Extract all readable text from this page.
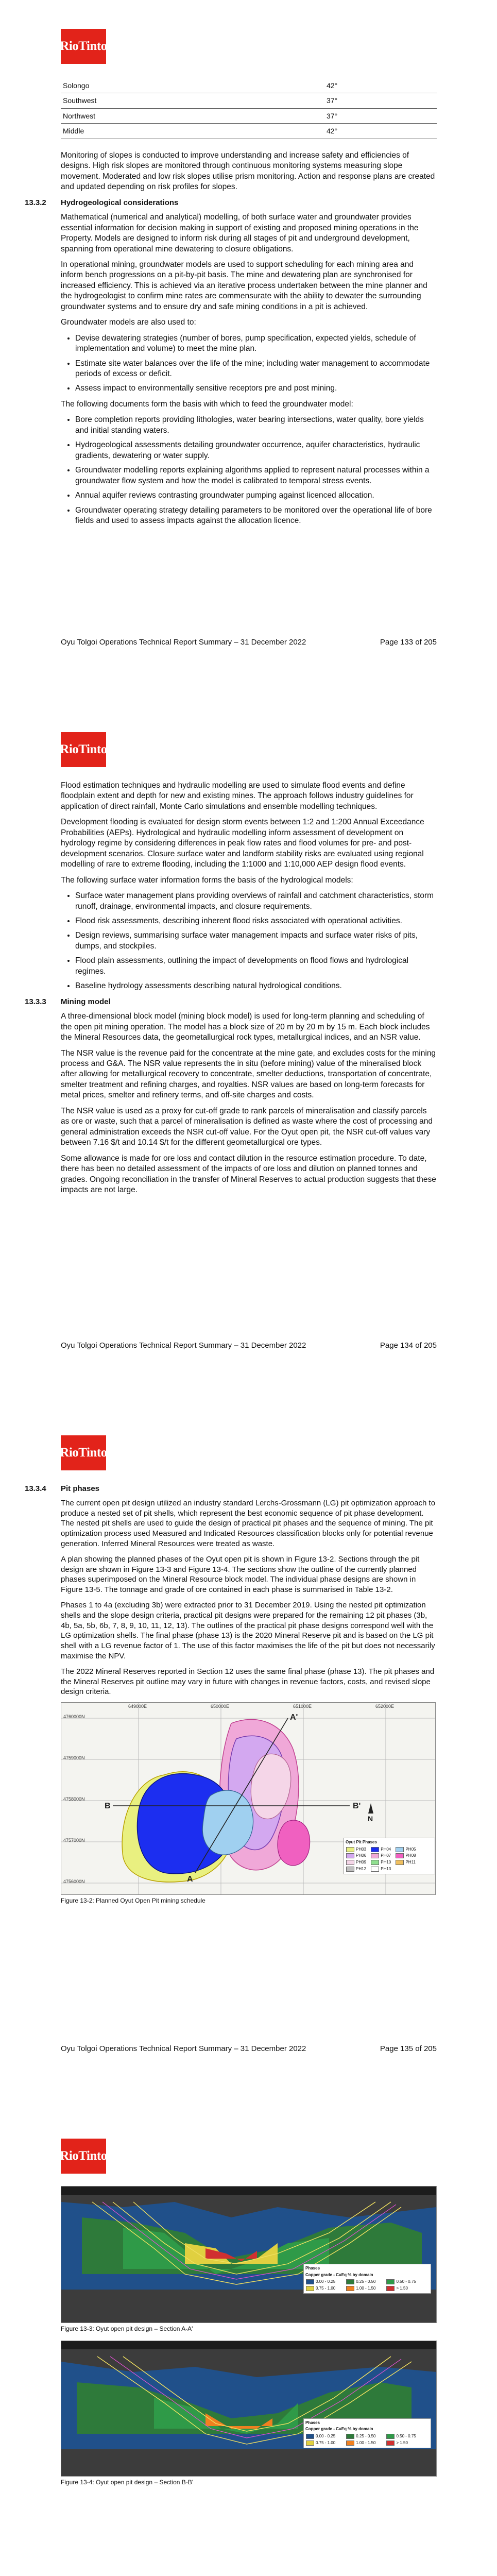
RioTinto
Solongo	42°
Southwest	37°
Northwest	37°
Middle	42°

Monitoring of slopes is conducted to improve understanding and increase safety and efficiencies of designs. High risk slopes are monitored through continuous monitoring systems measuring slope movement. Moderated and low risk slopes utilise prism monitoring. Action and response plans are created and updated depending on risk profiles for slopes.

13.3.2 Hydrogeological considerations

Mathematical (numerical and analytical) modelling, of both surface water and groundwater provides essential information for decision making in support of existing and proposed mining operations in the Property. Models are designed to inform risk during all stages of pit and underground development, spanning from operational mine dewatering to closure obligations.

In operational mining, groundwater models are used to support scheduling for each mining area and inform bench progressions on a pit-by-pit basis. The mine and dewatering plan are synchronised for increased efficiency. This is achieved via an iterative process undertaken between the mine planner and the hydrogeologist to confirm mine rates are commensurate with the ability to dewater the surrounding groundwater systems and to ensure dry and safe mining conditions in a pit is achieved.

Groundwater models are also used to:

• Devise dewatering strategies (number of bores, pump specification, expected yields, schedule of implementation and volume) to meet the mine plan.
• Estimate site water balances over the life of the mine; including water management to accommodate periods of excess or deficit.
• Assess impact to environmentally sensitive receptors pre and post mining.

The following documents form the basis with which to feed the groundwater model:

• Bore completion reports providing lithologies, water bearing intersections, water quality, bore yields and initial standing waters.
• Hydrogeological assessments detailing groundwater occurrence, aquifer characteristics, hydraulic gradients, dewatering or water supply.
• Groundwater modelling reports explaining algorithms applied to represent natural processes within a groundwater flow system and how the model is calibrated to temporal stress events.
• Annual aquifer reviews contrasting groundwater pumping against licenced allocation.
• Groundwater operating strategy detailing parameters to be monitored over the operational life of bore fields and used to assess impacts against the allocation licence.
Oyu Tolgoi Operations Technical Report Summary – 31 December 2022	Page 133 of 205
RioTinto

Flood estimation techniques and hydraulic modelling are used to simulate flood events and define floodplain extent and depth for new and existing mines. The approach follows industry guidelines for application of direct rainfall, Monte Carlo simulations and ensemble modelling techniques.

Development flooding is evaluated for design storm events between 1:2 and 1:200 Annual Exceedance Probabilities (AEPs). Hydrological and hydraulic modelling inform assessment of development on hydrology regime by considering differences in peak flow rates and flood volumes for pre- and post-development scenarios. Closure surface water and landform stability risks are evaluated using regional modelling of rare to extreme flooding, including the 1:1000 and 1:10,000 AEP design flood events.

The following surface water information forms the basis of the hydrological models:

• Surface water management plans providing overviews of rainfall and catchment characteristics, storm runoff, drainage, environmental impacts, and closure requirements.
• Flood risk assessments, describing inherent flood risks associated with operational activities.
• Design reviews, summarising surface water management impacts and surface water risks of pits, dumps, and stockpiles.
• Flood plain assessments, outlining the impact of developments on flood flows and hydrological regimes.
• Baseline hydrology assessments describing natural hydrological conditions.
13.3.3 Mining model

A three-dimensional block model (mining block model) is used for long-term planning and scheduling of the open pit mining operation. The model has a block size of 20 m by 20 m by 15 m. Each block includes the Mineral Resources data, the geometallurgical rock types, metallurgical indices, and an NSR value.

The NSR value is the revenue paid for the concentrate at the mine gate, and excludes costs for the mining process and G&A. The NSR value represents the in situ (before mining) value of the mineralised block after allowing for metallurgical recovery to concentrate, smelter deductions, transportation of concentrate, smelter treatment and refining charges, and royalties. NSR values are based on long-term forecasts for metal prices, smelter and refinery terms, and off-site charges and costs.

The NSR value is used as a proxy for cut-off grade to rank parcels of mineralisation and classify parcels as ore or waste, such that a parcel of mineralisation is defined as waste where the cost of processing and general administration exceeds the NSR cut-off value. For the Oyut open pit, the NSR cut-off values vary between 7.16 $/t and 10.14 $/t for the different geometallurgical ore types.

Some allowance is made for ore loss and contact dilution in the resource estimation procedure. To date, there has been no detailed assessment of the impacts of ore loss and dilution on planned tonnes and grades. Ongoing reconciliation in the transfer of Mineral Reserves to actual production suggests that these impacts are not large.

Oyu Tolgoi Operations Technical Report Summary – 31 December 2022	Page 134 of 205
RioTinto
13.3.4 Pit phases

The current open pit design utilized an industry standard Lerchs-Grossmann (LG) pit optimization approach to produce a nested set of pit shells, which represent the best economic sequence of pit phase development. The nested pit shells are used to guide the design of practical pit phases and the sequence of mining. The pit optimization process used Measured and Indicated Resources classification blocks only for potential revenue generation. Inferred Mineral Resources were treated as waste.

A plan showing the planned phases of the Oyut open pit is shown in Figure 13-2. Sections through the pit design are shown in Figure 13-3 and Figure 13-4. The sections show the outline of the currently planned phases superimposed on the Mineral Resource block model. The individual phase designs are shown in Figure 13-5. The tonnage and grade of ore contained in each phase is summarised in Table 13-2.

Phases 1 to 4a (excluding 3b) were extracted prior to 31 December 2019. Using the nested pit optimization shells and the slope design criteria, practical pit designs were prepared for the remaining 12 pit phases (3b, 4b, 5a, 5b, 6b, 7, 8, 9, 10, 11, 12, 13). The outlines of the practical pit phase designs correspond well with the LG optimization shells. The final phase (phase 13) is the 2020 Mineral Reserve pit and is based on the LG pit shell with a LG revenue factor of 1. The use of this factor maximises the life of the pit but does not necessarily maximise the NPV.

The 2022 Mineral Reserves reported in Section 12 uses the same final phase (phase 13). The pit phases and the Mineral Reserves pit outline may vary in future with changes in revenue factors, costs, and revised slope design criteria.

4760000N
4759000N
4758000N
4757000N
4756000N
649000E	650000E	651000E	652000E
A
A'
B	B'
N
Oyut Pit Phases
PH03	PH04	PH05 PH06	PH07	PH08 PH09	PH10	PH11 PH12	PH13
Figure 13-2: Planned Oyut Open Pit mining schedule
Oyu Tolgoi Operations Technical Report Summary – 31 December 2022	Page 135 of 205
RioTinto
Phases
Copper grade - CuEq % by domain
0.00 - 0.25	0.25 - 0.50	0.50 - 0.75 0.75 - 1.00	1.00 - 1.50	> 1.50
Figure 13-3: Oyut open pit design – Section A-A'
Phases
Copper grade - CuEq % by domain
0.00 - 0.25	0.25 - 0.50	0.50 - 0.75 0.75 - 1.00	1.00 - 1.50	> 1.50
Figure 13-4: Oyut open pit design – Section B-B'
